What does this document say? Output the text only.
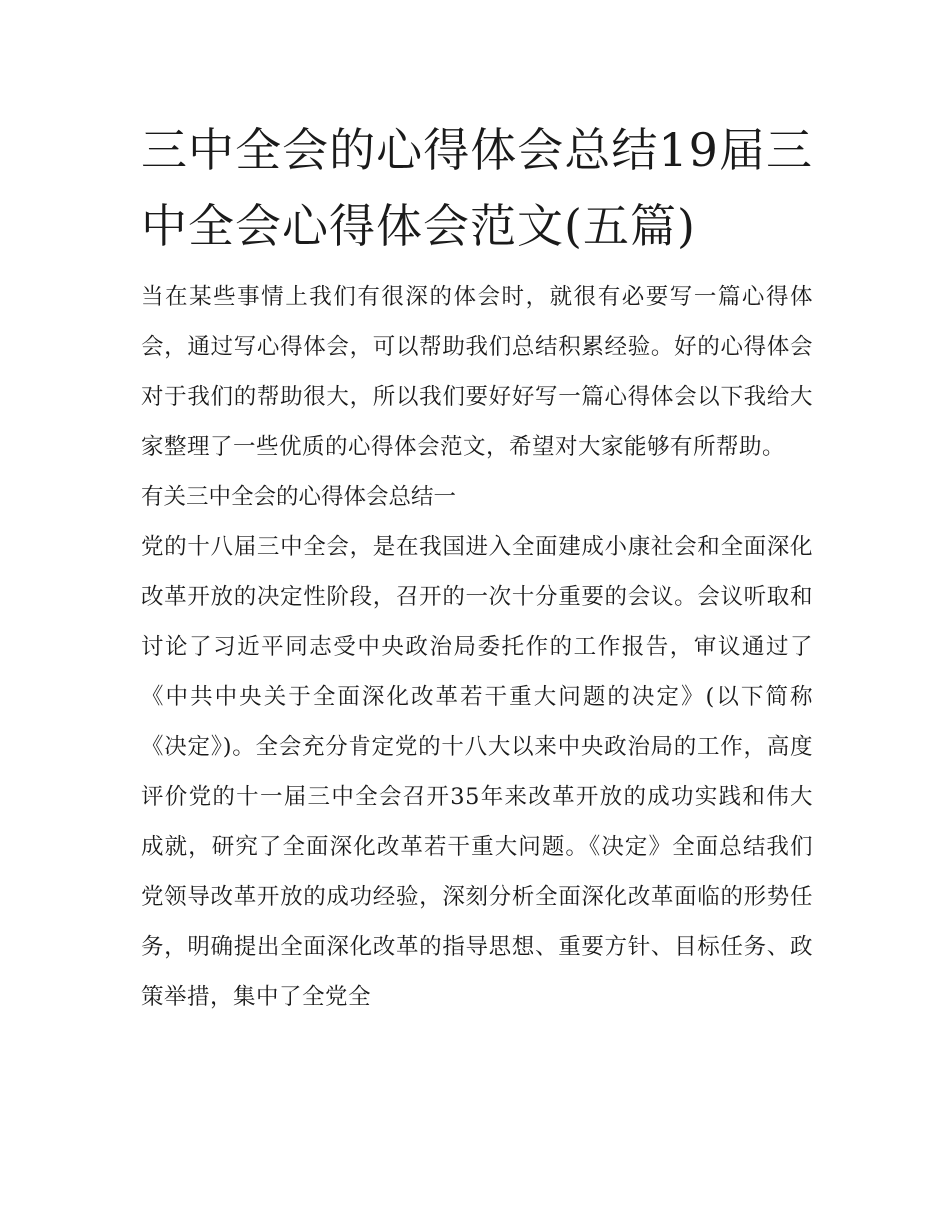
三中全会的心得体会总结19届三中全会心得体会范文(五篇)

当在某些事情上我们有很深的体会时，就很有必要写一篇心得体会，通过写心得体会，可以帮助我们总结积累经验。好的心得体会对于我们的帮助很大，所以我们要好好写一篇心得体会以下我给大家整理了一些优质的心得体会范文，希望对大家能够有所帮助。

有关三中全会的心得体会总结一

党的十八届三中全会，是在我国进入全面建成小康社会和全面深化改革开放的决定性阶段，召开的一次十分重要的会议。会议听取和讨论了习近平同志受中央政治局委托作的工作报告，审议通过了《中共中央关于全面深化改革若干重大问题的决定》(以下简称《决定》)。全会充分肯定党的十八大以来中央政治局的工作，高度评价党的十一届三中全会召开35年来改革开放的成功实践和伟大成就，研究了全面深化改革若干重大问题。《决定》全面总结我们党领导改革开放的成功经验，深刻分析全面深化改革面临的形势任务，明确提出全面深化改革的指导思想、重要方针、目标任务、政策举措，集中了全党全
